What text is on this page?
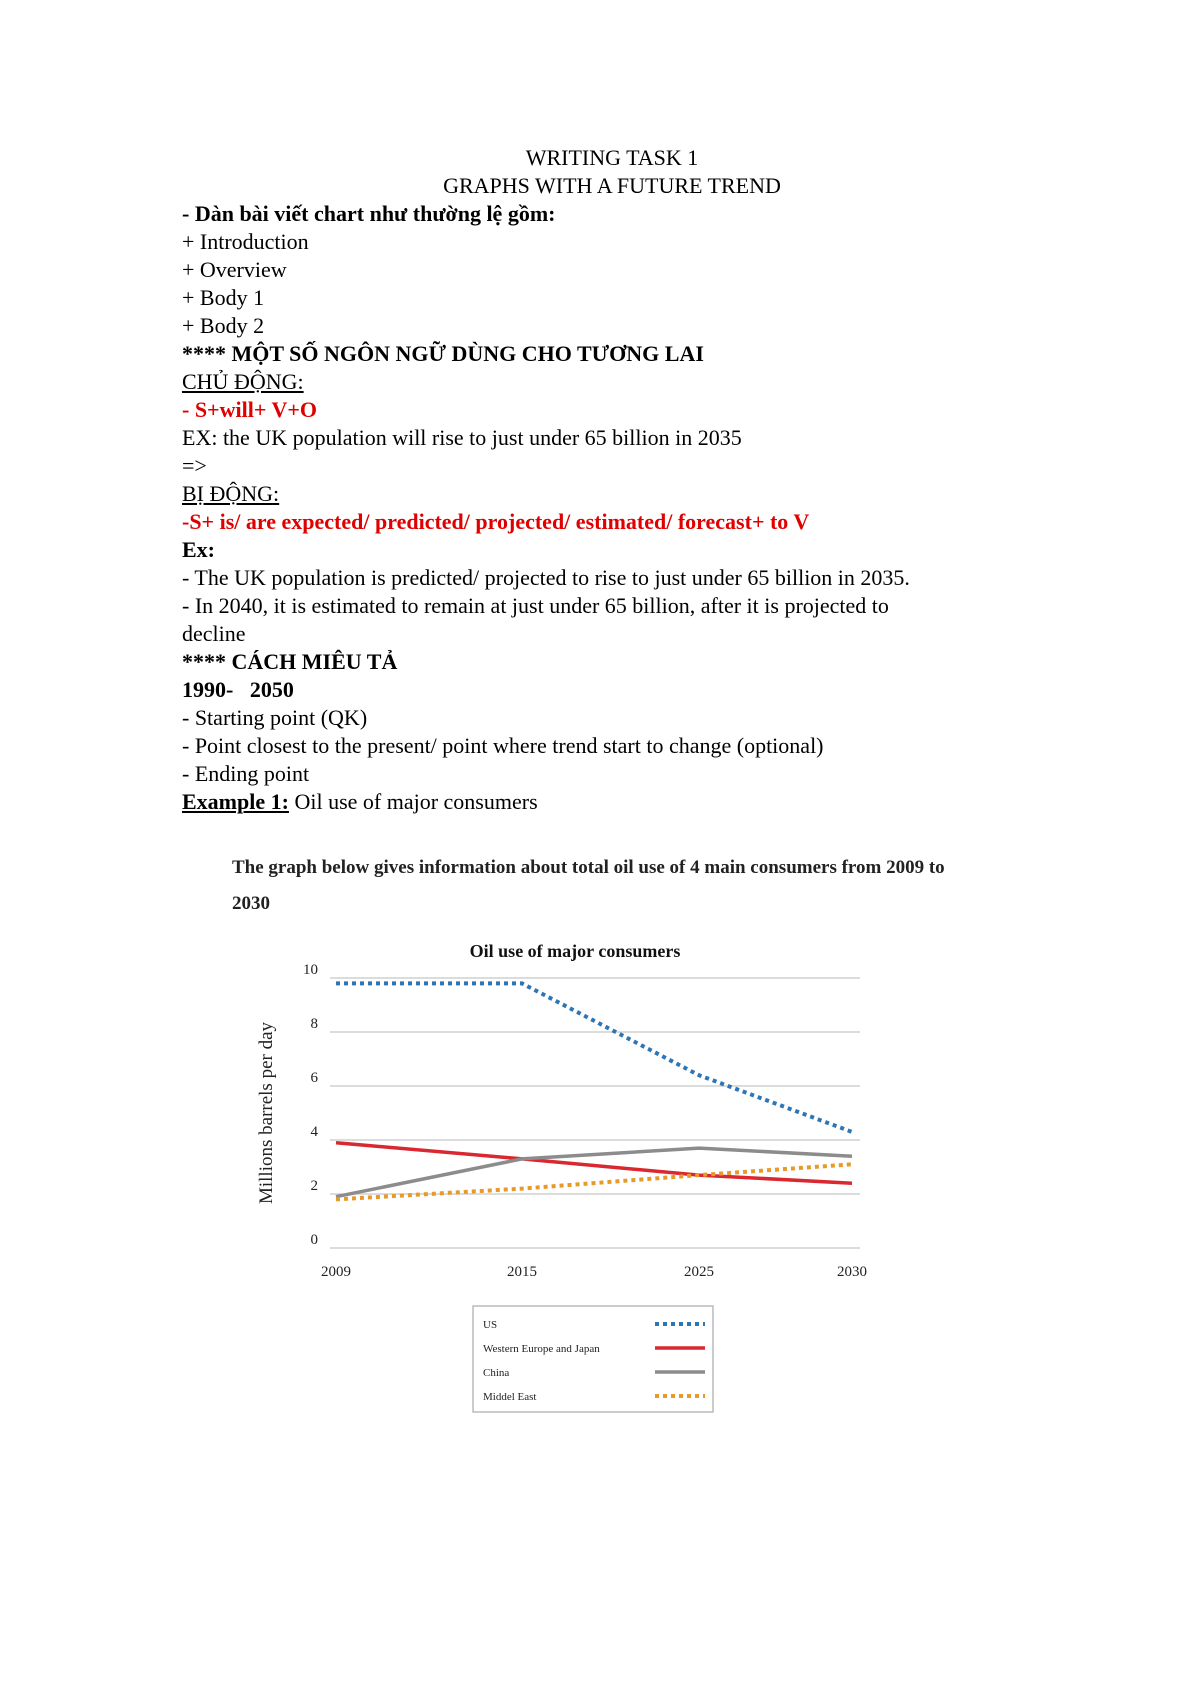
WRITING TASK 1
GRAPHS WITH A FUTURE TREND
- Dàn bài viết chart như thường lệ gồm:
+ Introduction
+ Overview
+ Body 1
+ Body 2
**** MỘT SỐ NGÔN NGỮ DÙNG CHO TƯƠNG LAI
CHỦ ĐỘNG:
- S+will+ V+O
EX: the UK population will rise to just under 65 billion in 2035
=>
BỊ ĐỘNG:
-S+ is/ are expected/ predicted/ projected/ estimated/ forecast+ to V
Ex:
- The UK population is predicted/ projected to rise to just under 65 billion in 2035.
- In 2040, it is estimated to remain at just under 65 billion, after it is projected to decline
**** CÁCH MIÊU TẢ
1990-   2050
- Starting point (QK)
- Point closest to the present/ point where trend start to change (optional)
- Ending point
Example 1: Oil use of major consumers
The graph below gives information about total oil use of 4 main consumers from 2009 to
2030
Oil use of major consumers
0
2
4
6
8
10
2009	2015	2025	2030
Millions barrels per day
US
Western Europe and Japan
China
Middel East
